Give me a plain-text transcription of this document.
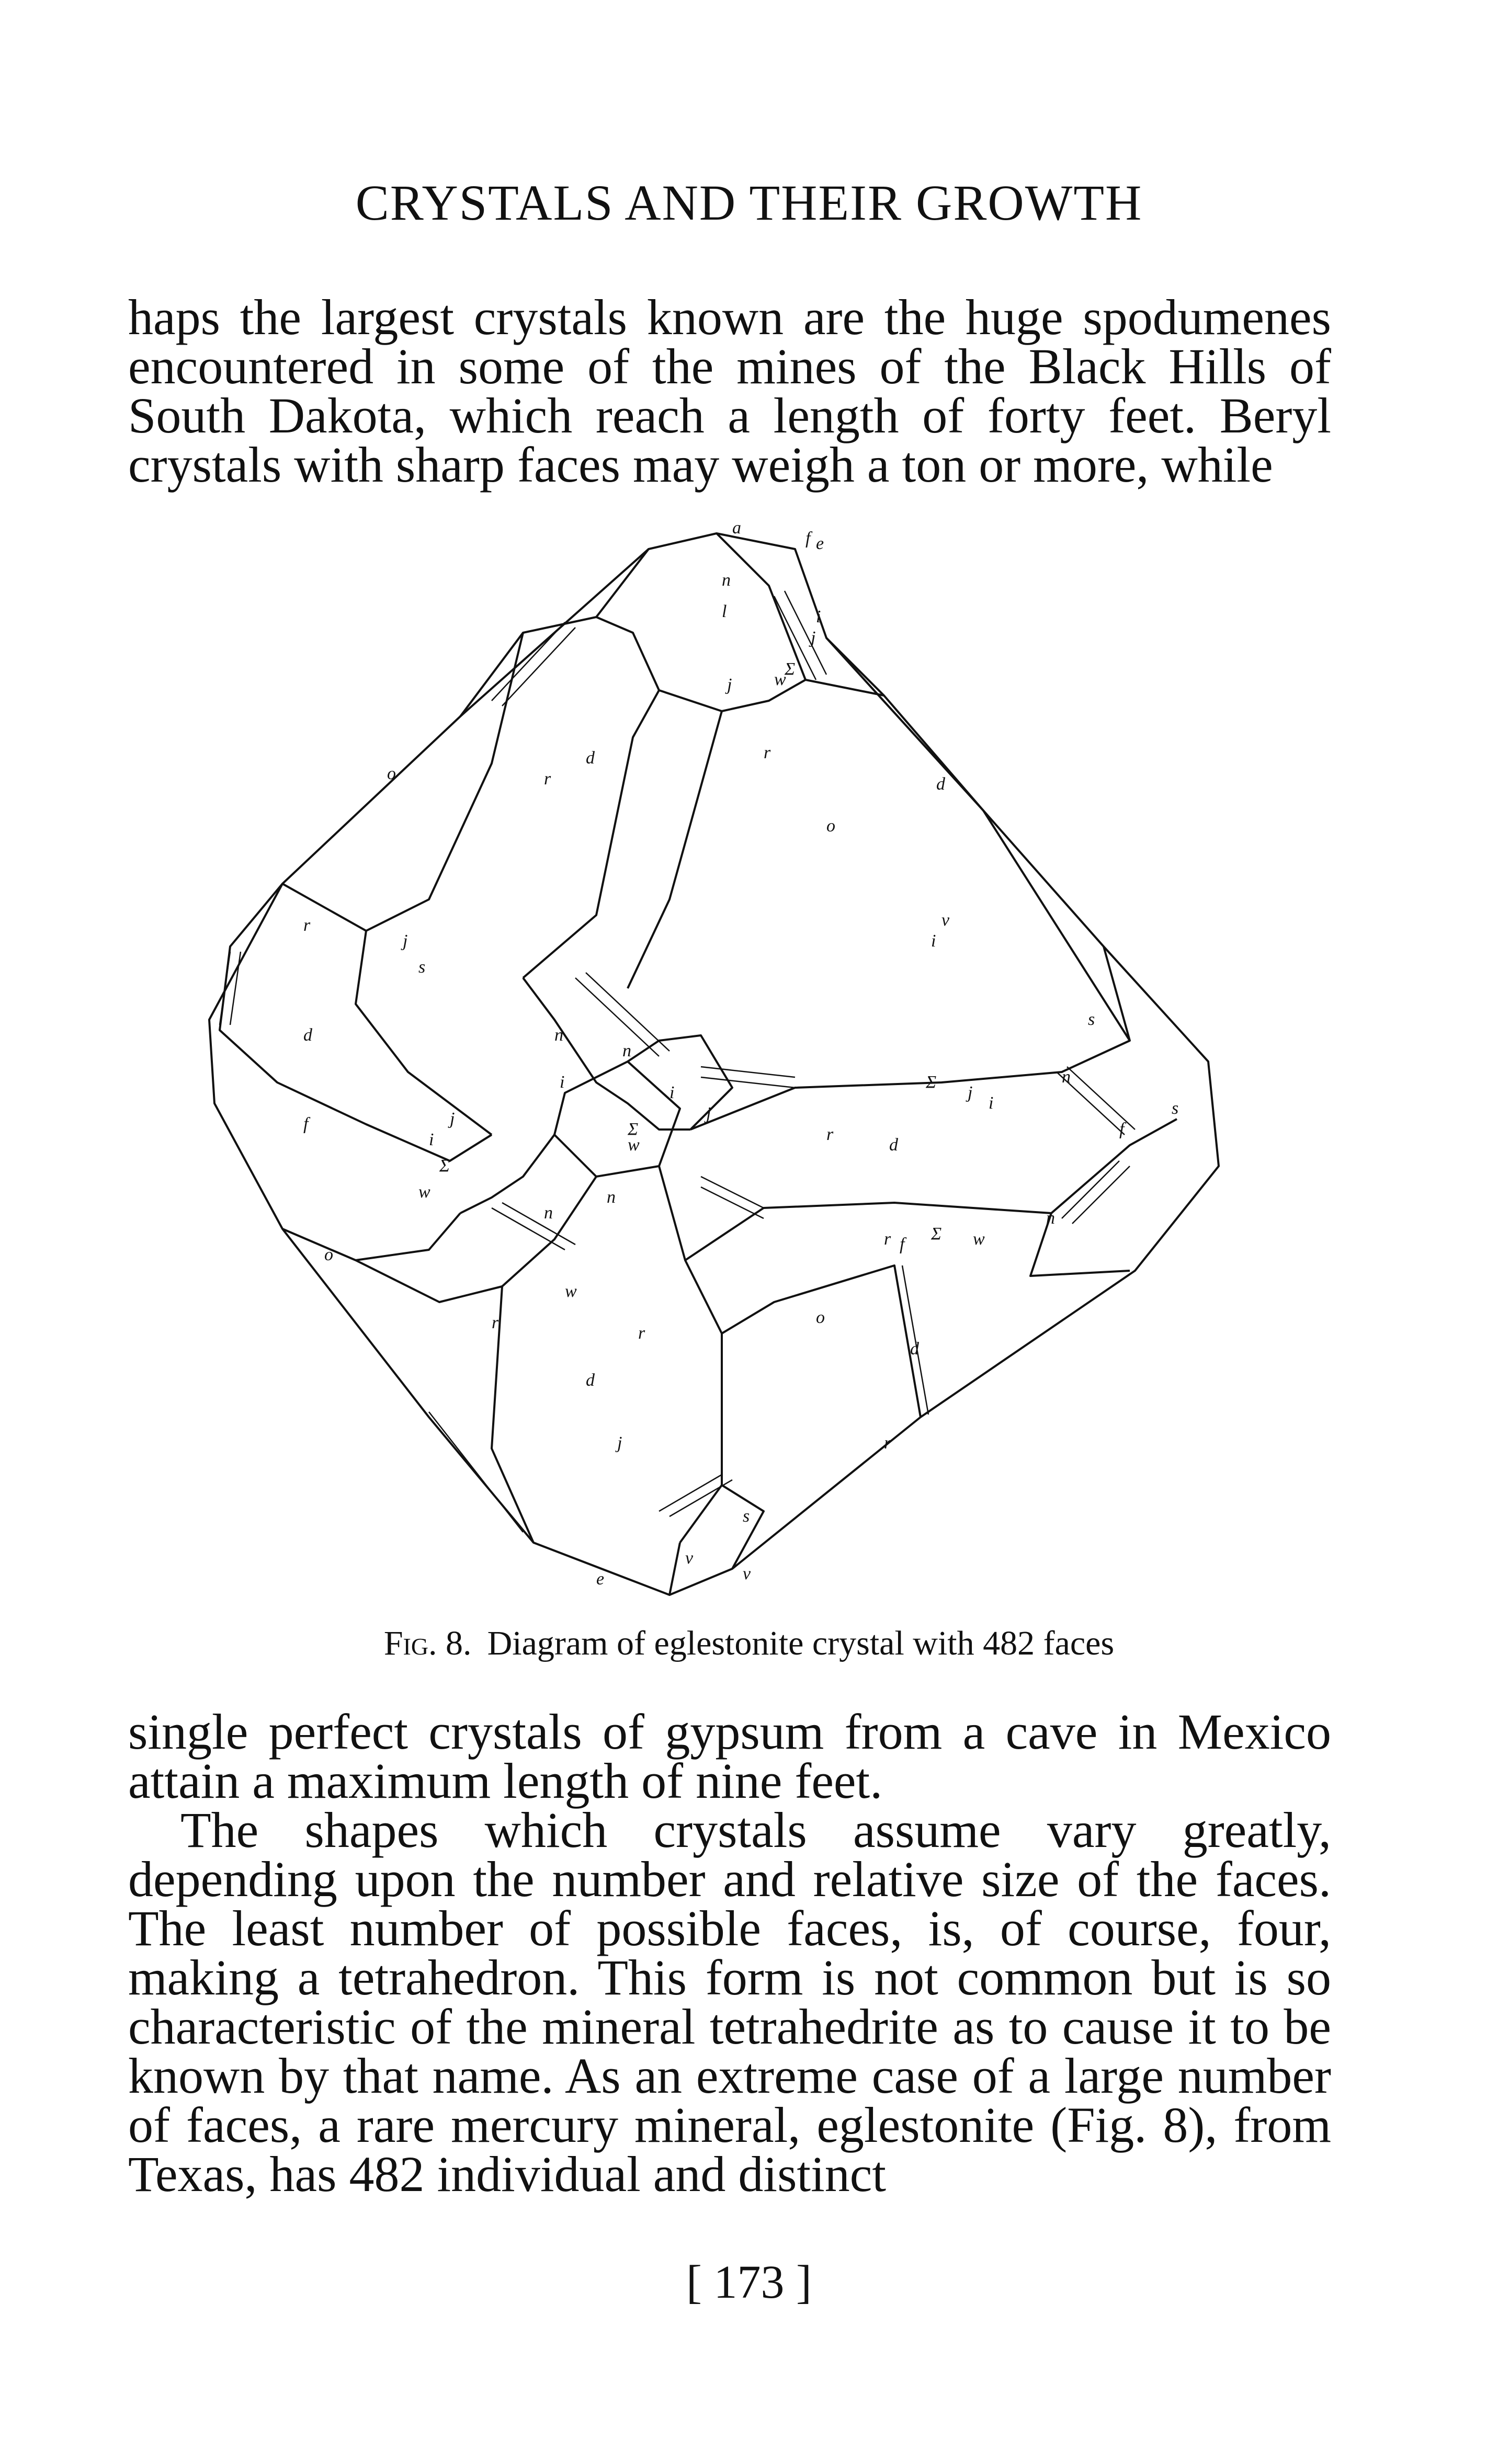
CRYSTALS AND THEIR GROWTH

haps the largest crystals known are the huge spodumenes encountered in some of the mines of the Black Hills of South Dakota, which reach a length of forty feet. Beryl crystals with sharp faces may weigh a ton or more, while

o
d
o
d
d
d
o
o
d
d
n
l
n
n
n
n
n
n
r
r
r
r
r
r
r
r
f	f
f
f
j
j
j
j
j
j
j
i
i
i
i
i
i
w
w
w
w
w
Σ
Σ
Σ
Σ
Σ
v
v
v
e
e
a
s
s
s
s
Fig. 8. Diagram of eglestonite crystal with 482 faces

single perfect crystals of gypsum from a cave in Mexico attain a maximum length of nine feet.

The shapes which crystals assume vary greatly, depending upon the number and relative size of the faces. The least number of possible faces, is, of course, four, making a tetrahedron. This form is not common but is so characteristic of the mineral tetrahedrite as to cause it to be known by that name. As an extreme case of a large number of faces, a rare mercury mineral, eglestonite (Fig. 8), from Texas, has 482 individual and distinct

[ 173 ]
